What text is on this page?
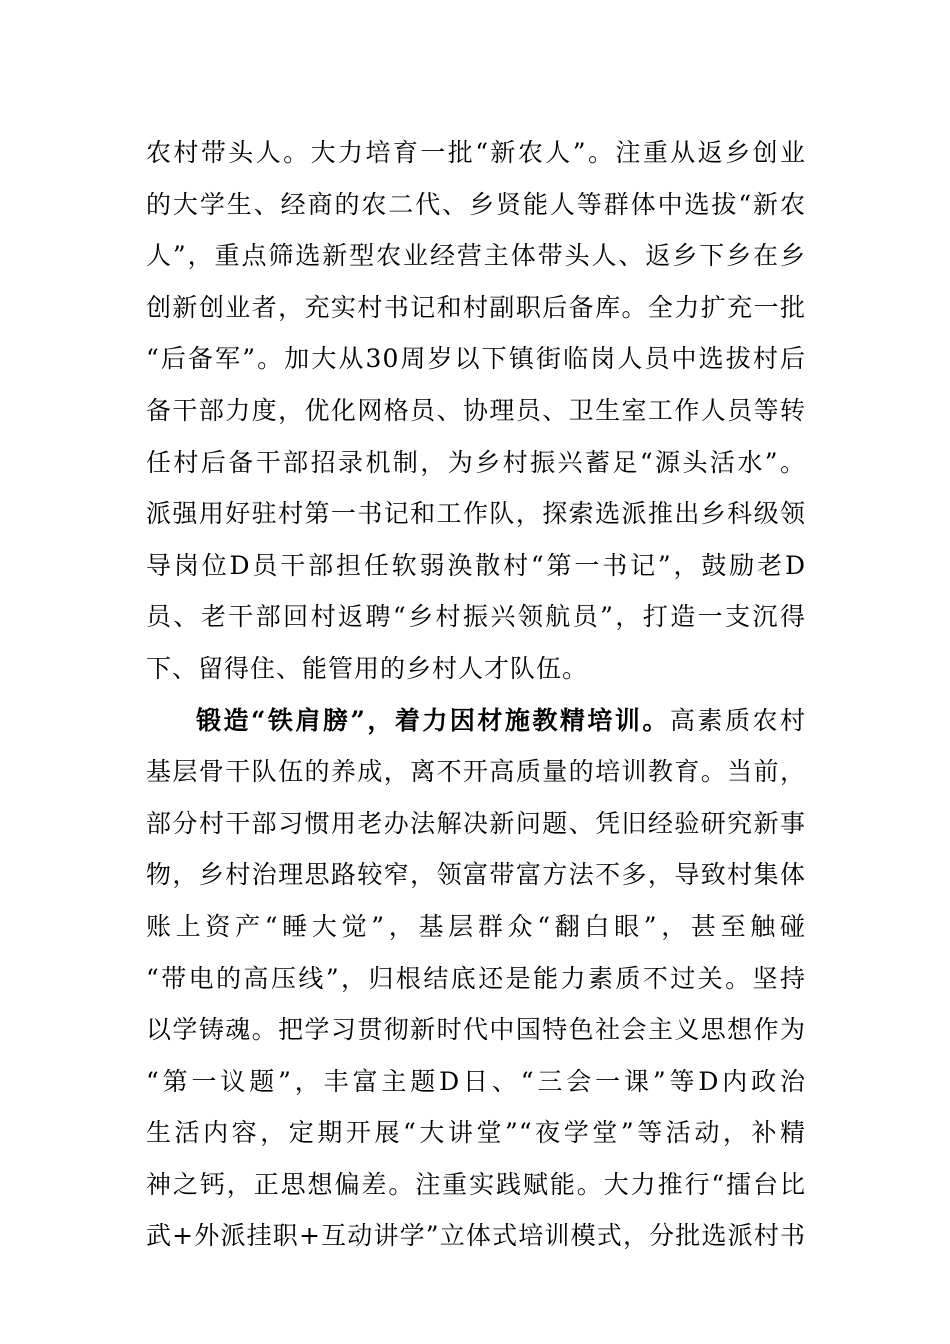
农村带头人。大力培育一批“新农人”。注重从返乡创业
的大学生、经商的农二代、乡贤能人等群体中选拔“新农
人”，重点筛选新型农业经营主体带头人、返乡下乡在乡
创新创业者，充实村书记和村副职后备库。全力扩充一批
“后备军”。加大从30周岁以下镇街临岗人员中选拔村后
备干部力度，优化网格员、协理员、卫生室工作人员等转
任村后备干部招录机制，为乡村振兴蓄足“源头活水”。
派强用好驻村第一书记和工作队，探索选派推出乡科级领
导岗位D员干部担任软弱涣散村“第一书记”，鼓励老D
员、老干部回村返聘“乡村振兴领航员”，打造一支沉得
下、留得住、能管用的乡村人才队伍。
锻造“铁肩膀”，着力因材施教精培训。高素质农村
基层骨干队伍的养成，离不开高质量的培训教育。当前，
部分村干部习惯用老办法解决新问题、凭旧经验研究新事
物，乡村治理思路较窄，领富带富方法不多，导致村集体
账上资产“睡大觉”，基层群众“翻白眼”，甚至触碰
“带电的高压线”，归根结底还是能力素质不过关。坚持
以学铸魂。把学习贯彻新时代中国特色社会主义思想作为
“第一议题”，丰富主题D日、“三会一课”等D内政治
生活内容，定期开展“大讲堂”“夜学堂”等活动，补精
神之钙，正思想偏差。注重实践赋能。大力推行“擂台比
武+外派挂职+互动讲学”立体式培训模式，分批选派村书
